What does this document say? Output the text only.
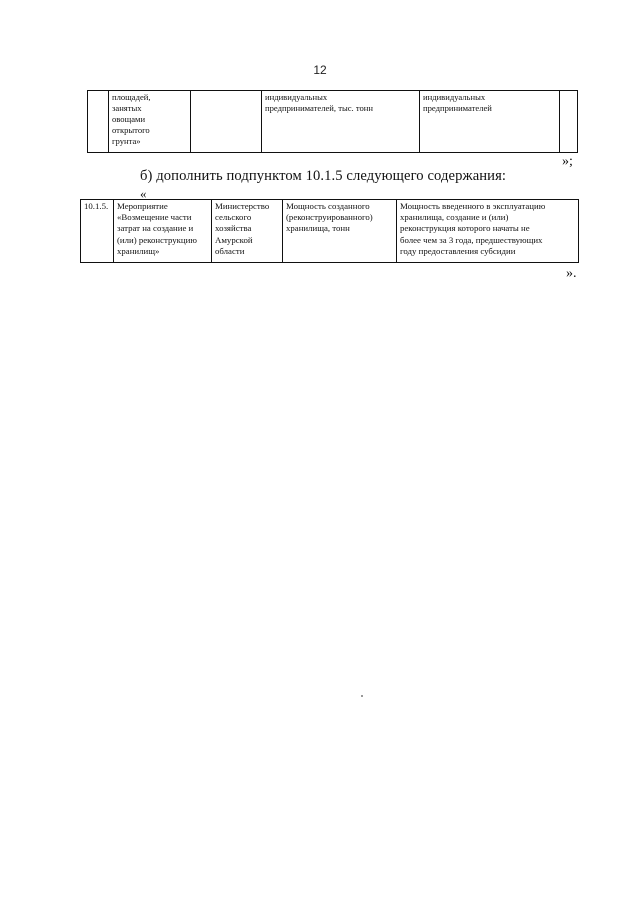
12
	площадей,
занятых
овощами
открытого
грунта»		индивидуальных
предпринимателей, тыс. тонн	индивидуальных
предпринимателей	
»;
б) дополнить подпунктом 10.1.5 следующего содержания:
«
10.1.5.	Мероприятие
«Возмещение части
затрат на создание и
(или) реконструкцию
хранилищ»	Министерство
сельского
хозяйства
Амурской
области	Мощность созданного
(реконструированного)
хранилища, тонн	Мощность введенного в эксплуатацию
хранилища, создание и (или)
реконструкция которого начаты не
более чем за 3 года, предшествующих
году предоставления субсидии
».
